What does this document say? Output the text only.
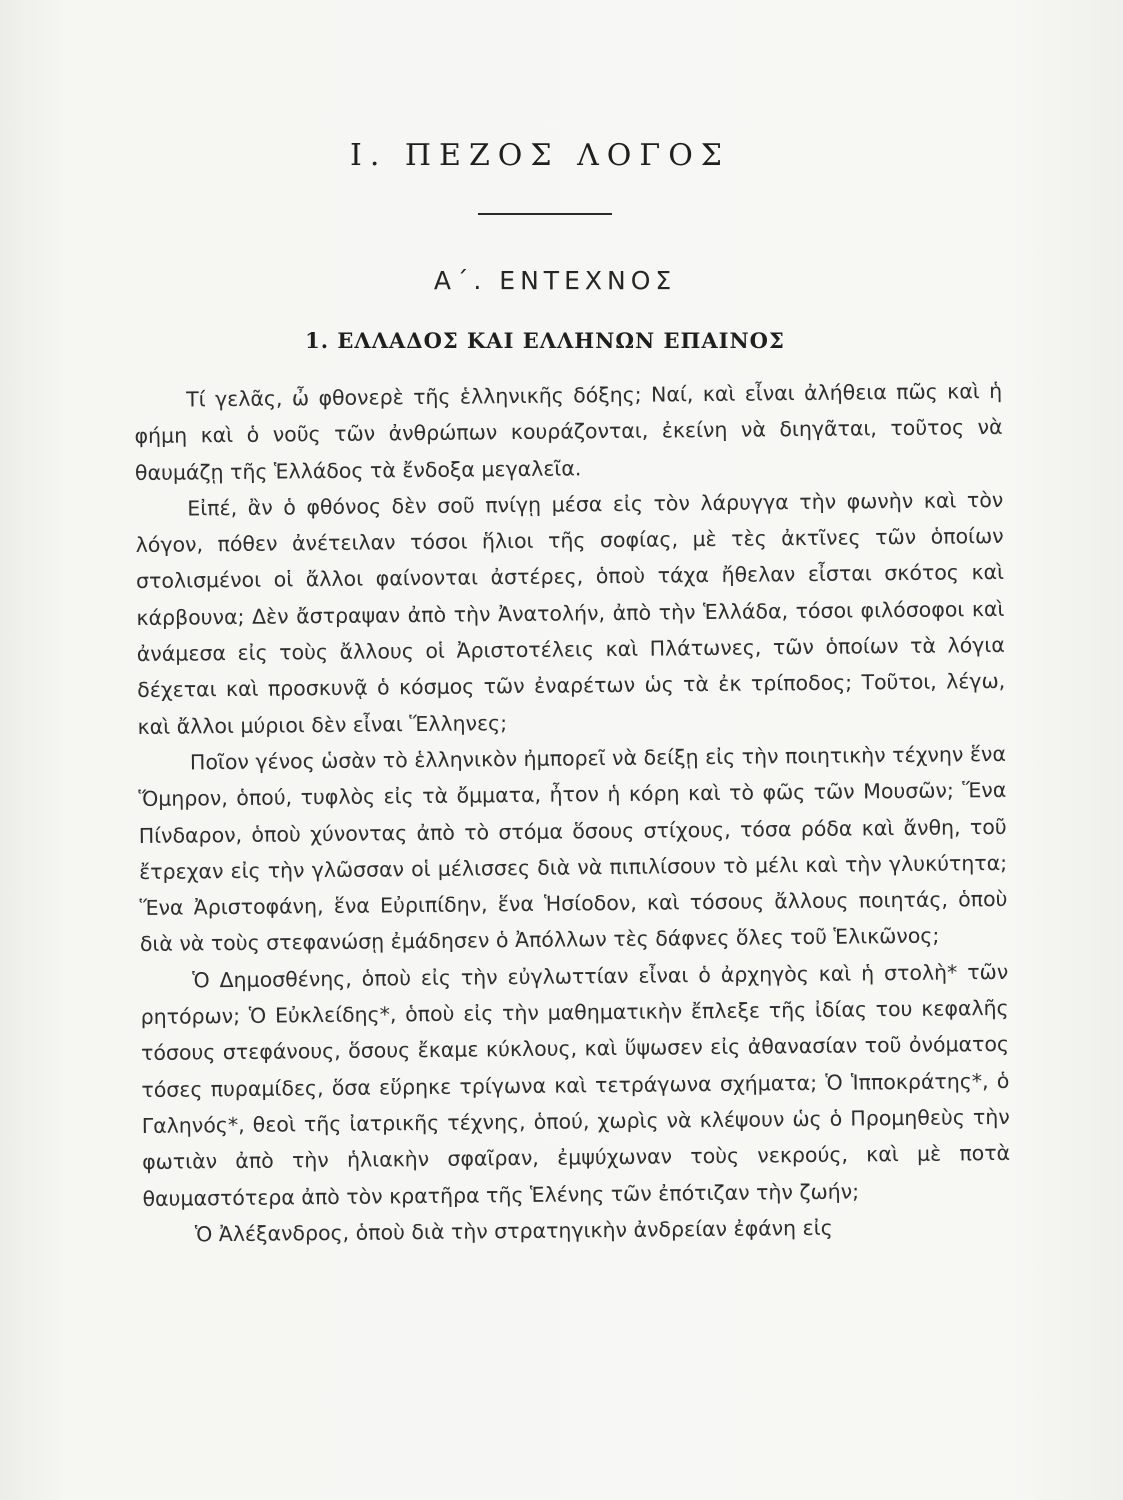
Ι. ΠΕΖΟΣ ΛΟΓΟΣ
Α΄. ΕΝΤΕΧΝΟΣ
1. ΕΛΛΑΔΟΣ ΚΑΙ ΕΛΛΗΝΩΝ ΕΠΑΙΝΟΣ

Τί γελᾶς, ὦ φθονερὲ τῆς ἑλληνικῆς δόξης; Ναί, καὶ εἶναι ἀλήθεια πῶς καὶ ἡ φήμη καὶ ὁ νοῦς τῶν ἀνθρώπων κουράζονται, ἐκείνη νὰ διηγᾶται, τοῦτος νὰ θαυμάζῃ τῆς Ἑλλάδος τὰ ἔνδοξα μεγαλεῖα.

Εἰπέ, ἂν ὁ φθόνος δὲν σοῦ πνίγῃ μέσα εἰς τὸν λάρυγγα τὴν φωνὴν καὶ τὸν λόγον, πόθεν ἀνέτειλαν τόσοι ἥλιοι τῆς σοφίας, μὲ τὲς ἀκτῖνες τῶν ὁποίων στολισμένοι οἱ ἄλλοι φαίνονται ἀστέρες, ὁποὺ τάχα ἤθελαν εἶσται σκότος καὶ κάρβουνα; Δὲν ἄστραψαν ἀπὸ τὴν Ἀνατολήν, ἀπὸ τὴν Ἑλλάδα, τόσοι φιλόσοφοι καὶ ἀνάμεσα εἰς τοὺς ἄλλους οἱ Ἀριστοτέλεις καὶ Πλάτωνες, τῶν ὁποίων τὰ λόγια δέχεται καὶ προσκυνᾷ ὁ κόσμος τῶν ἐναρέτων ὡς τὰ ἐκ τρίποδος; Τοῦτοι, λέγω, καὶ ἄλλοι μύριοι δὲν εἶναι Ἕλληνες;

Ποῖον γένος ὡσὰν τὸ ἑλληνικὸν ἠμπορεῖ νὰ δείξῃ εἰς τὴν ποιητικὴν τέχνην ἕνα Ὅμηρον, ὁπού, τυφλὸς εἰς τὰ ὄμματα, ἦτον ἡ κόρη καὶ τὸ φῶς τῶν Μουσῶν; Ἕνα Πίνδαρον, ὁποὺ χύνοντας ἀπὸ τὸ στόμα ὅσους στίχους, τόσα ρόδα καὶ ἄνθη, τοῦ ἔτρεχαν εἰς τὴν γλῶσσαν οἱ μέλισσες διὰ νὰ πιπιλίσουν τὸ μέλι καὶ τὴν γλυκύτητα; Ἕνα Ἀριστοφάνη, ἕνα Εὐριπίδην, ἕνα Ἡσίοδον, καὶ τόσους ἄλλους ποιητάς, ὁποὺ διὰ νὰ τοὺς στεφανώσῃ ἐμάδησεν ὁ Ἀπόλλων τὲς δάφνες ὅλες τοῦ Ἑλικῶνος;

Ὁ Δημοσθένης, ὁποὺ εἰς τὴν εὐγλωττίαν εἶναι ὁ ἀρχηγὸς καὶ ἡ στολὴ* τῶν ρητόρων; Ὁ Εὐκλείδης*, ὁποὺ εἰς τὴν μαθηματικὴν ἔπλεξε τῆς ἰδίας του κεφαλῆς τόσους στεφάνους, ὅσους ἔκαμε κύκλους, καὶ ὕψωσεν εἰς ἀθανασίαν τοῦ ὀνόματος τόσες πυραμίδες, ὅσα εὕρηκε τρίγωνα καὶ τετράγωνα σχήματα; Ὁ Ἱπποκράτης*, ὁ Γαληνός*, θεοὶ τῆς ἰατρικῆς τέχνης, ὁπού, χωρὶς νὰ κλέψουν ὡς ὁ Προμηθεὺς τὴν φωτιὰν ἀπὸ τὴν ἡλιακὴν σφαῖραν, ἐμψύχωναν τοὺς νεκρούς, καὶ μὲ ποτὰ θαυμαστότερα ἀπὸ τὸν κρατῆρα τῆς Ἑλένης τῶν ἐπότιζαν τὴν ζωήν;

Ὁ Ἀλέξανδρος, ὁποὺ διὰ τὴν στρατηγικὴν ἀνδρείαν ἐφάνη εἰς
